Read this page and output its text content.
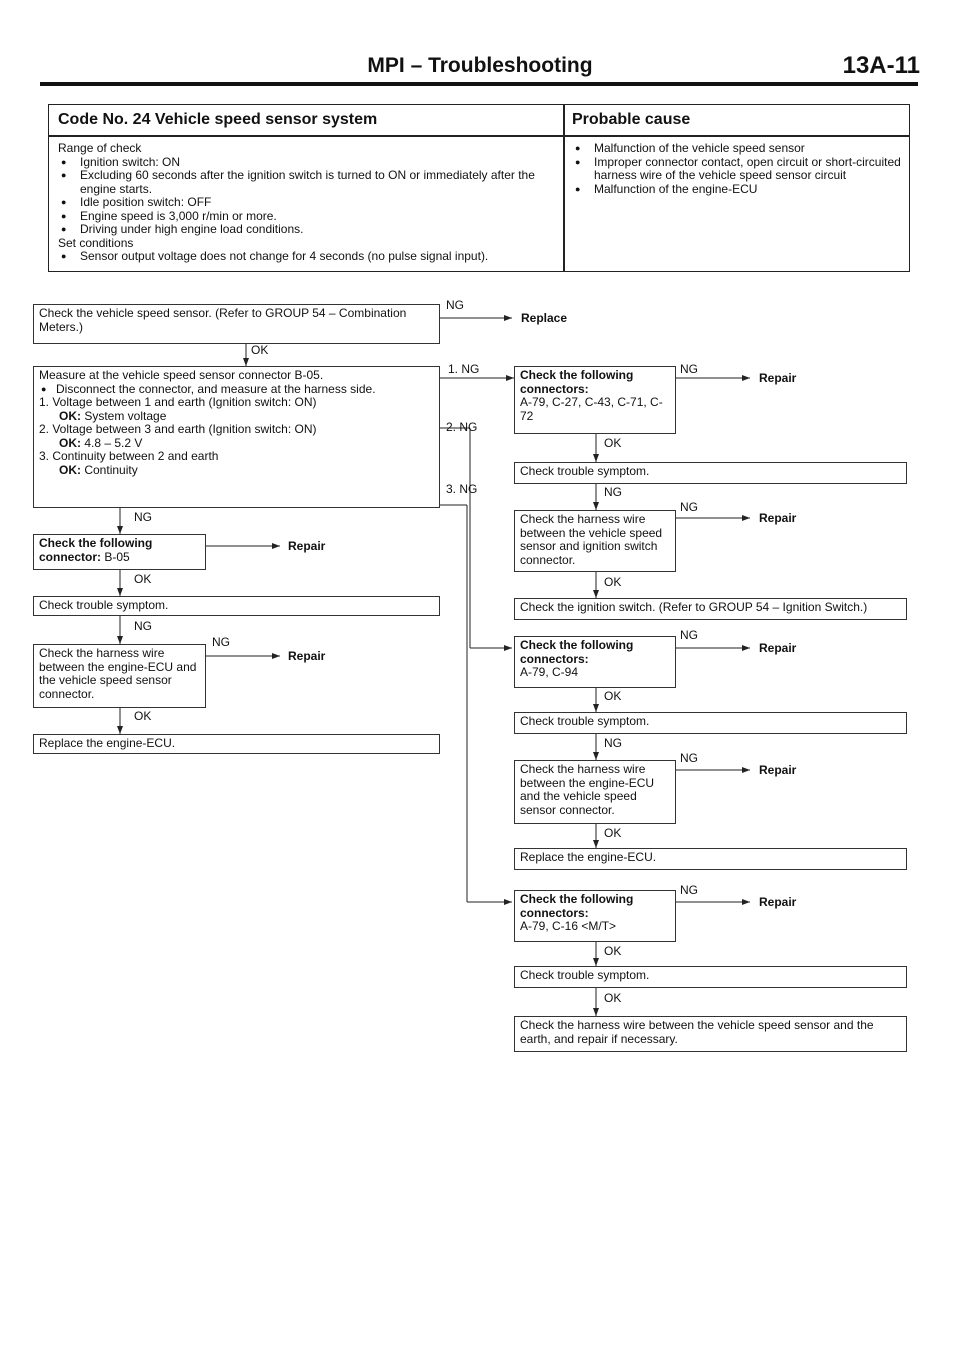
MPI – Troubleshooting	13A-11
Code No. 24 Vehicle speed sensor system	Probable cause
Range of check
● Ignition switch: ON
● Excluding 60 seconds after the ignition switch is turned to ON or immediately after the engine starts.
● Idle position switch: OFF
● Engine speed is 3,000 r/min or more.
● Driving under high engine load conditions.
Set conditions
● Sensor output voltage does not change for 4 seconds (no pulse signal input).
● Malfunction of the vehicle speed sensor
● Improper connector contact, open circuit or short-circuited harness wire of the vehicle speed sensor circuit
● Malfunction of the engine-ECU
Check the vehicle speed sensor. (Refer to GROUP 54 – Combination Meters.)
Measure at the vehicle speed sensor connector B-05.
● Disconnect the connector, and measure at the harness side.
1. Voltage between 1 and earth (Ignition switch: ON)
OK: System voltage
2. Voltage between 3 and earth (Ignition switch: ON)
OK: 4.8 – 5.2 V
3. Continuity between 2 and earth
OK: Continuity
Check the following connector: B-05
Check trouble symptom.
Check the harness wire between the engine-ECU and the vehicle speed sensor connector.
Replace the engine-ECU.
Check the following connectors:
A-79, C-27, C-43, C-71, C-72
Check trouble symptom.
Check the harness wire between the vehicle speed sensor and ignition switch connector.
Check the ignition switch. (Refer to GROUP 54 – Ignition Switch.)
Check the following connectors:
A-79, C-94
Check trouble symptom.
Check the harness wire between the engine-ECU and the vehicle speed sensor connector.
Replace the engine-ECU.
Check the following connectors:
A-79, C-16 <M/T>
Check trouble symptom.
Check the harness wire between the vehicle speed sensor and the earth, and repair if necessary.
NG
Replace
OK
1. NG
2. NG
3. NG
NG
Repair
OK
NG
NG
Repair
OK
NG
Repair
OK
NG
NG
Repair
OK
NG
Repair
OK
NG
NG
Repair
OK
NG
Repair
OK
OK
